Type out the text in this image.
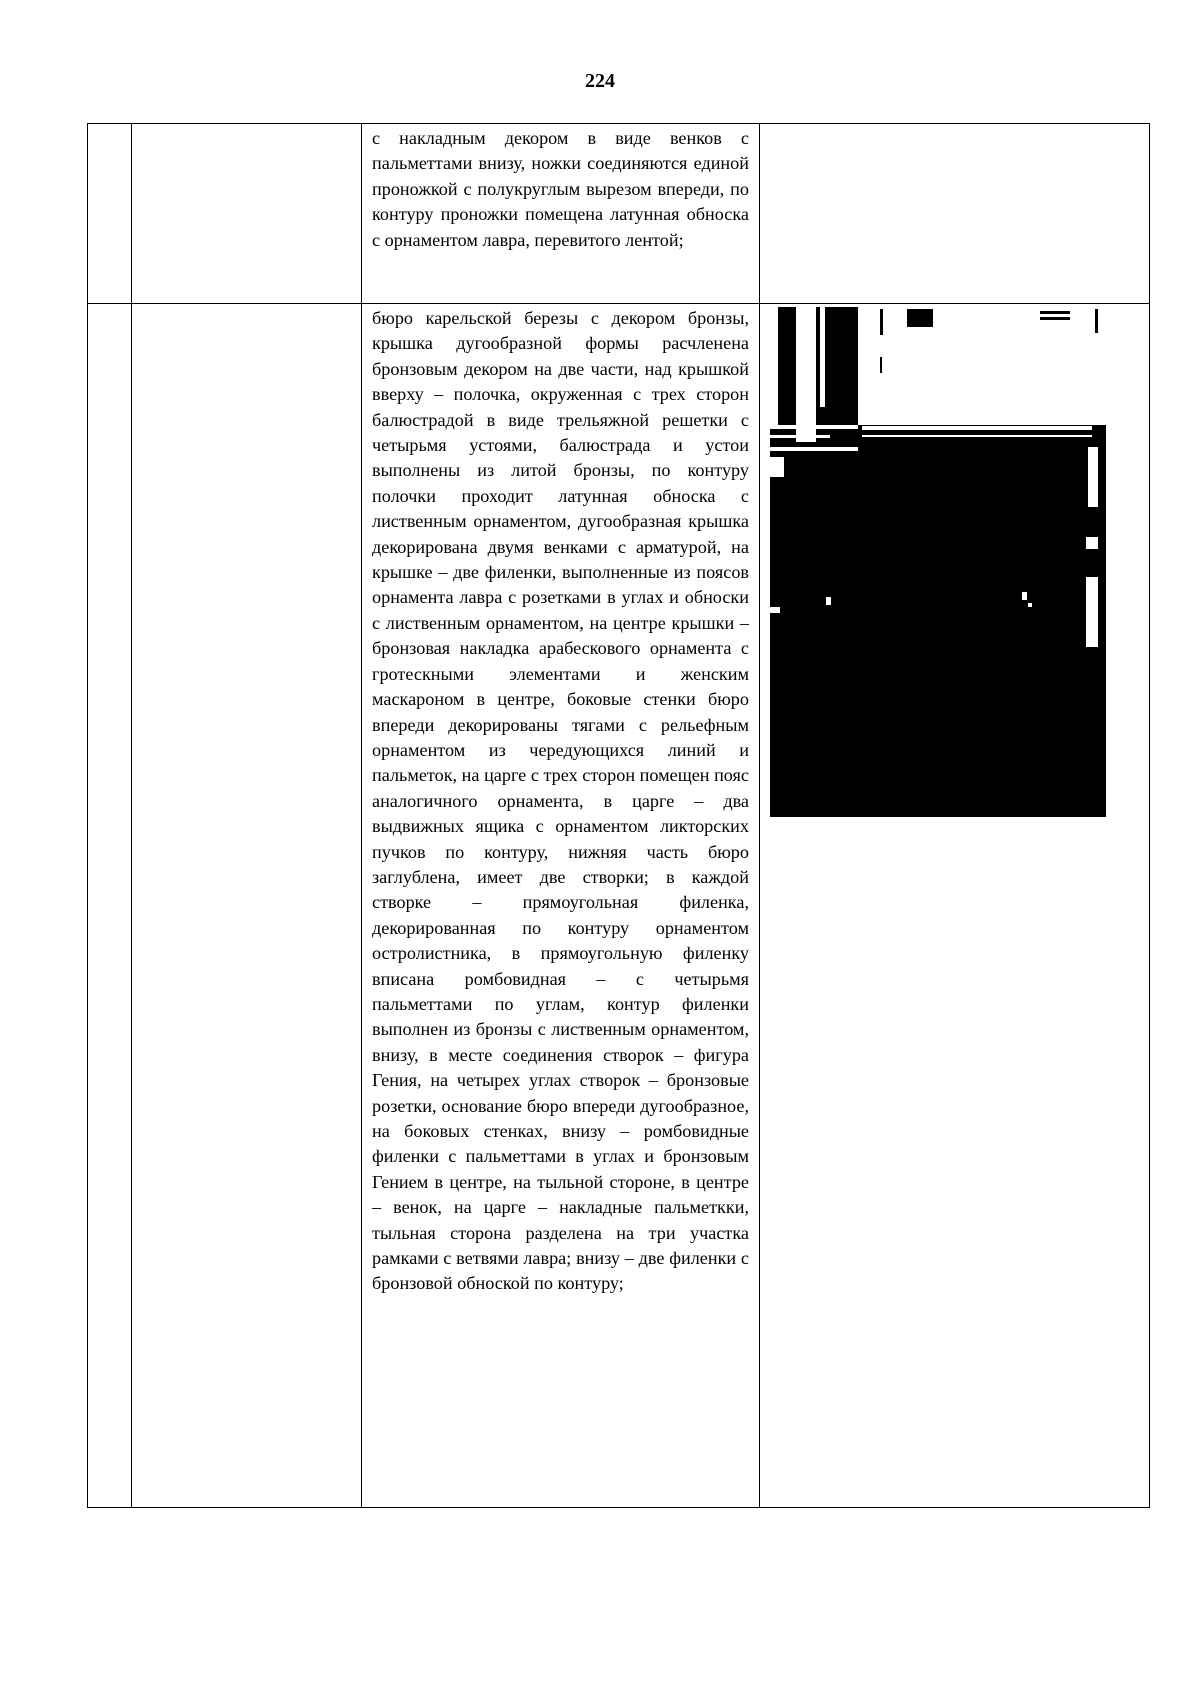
224

		с накладным декором в виде венков с пальметтами внизу, ножки соединяются единой проножкой с полукруглым вырезом впереди, по контуру проножки помещена латунная обноска с орнаментом лавра, перевитого лентой;	

		бюро карельской березы с декором бронзы, крышка дугообразной формы расчленена бронзовым декором на две части, над крышкой вверху – полочка, окруженная с трех сторон балюстрадой в виде трельяжной решетки с четырьмя устоями, балюстрада и устои выполнены из литой бронзы, по контуру полочки проходит латунная обноска с лиственным орнаментом, дугообразная крышка декорирована двумя венками с арматурой, на крышке – две филенки, выполненные из поясов орнамента лавра с розетками в углах и обноски с лиственным орнаментом, на центре крышки – бронзовая накладка арабескового орнамента с гротескными элементами и женским маскароном в центре, боковые стенки бюро впереди декорированы тягами с рельефным орнаментом из чередующихся линий и пальметок, на царге с трех сторон помещен пояс аналогичного орнамента, в царге – два выдвижных ящика с орнаментом ликторских пучков по контуру, нижняя часть бюро заглублена, имеет две створки; в каждой створке – прямоугольная филенка, декорированная по контуру орнаментом остролистника, в прямоугольную филенку вписана ромбовидная – с четырьмя пальметтами по углам, контур филенки выполнен из бронзы с лиственным орнаментом, внизу, в месте соединения створок – фигура Гения, на четырех углах створок – бронзовые розетки, основание бюро впереди дугообразное, на боковых стенках, внизу – ромбовидные филенки с пальметтами в углах и бронзовым Гением в центре, на тыльной стороне, в центре – венок, на царге – накладные пальметкки, тыльная сторона разделена на три участка рамками с ветвями лавра; внизу – две филенки с бронзовой обноской по контуру;
